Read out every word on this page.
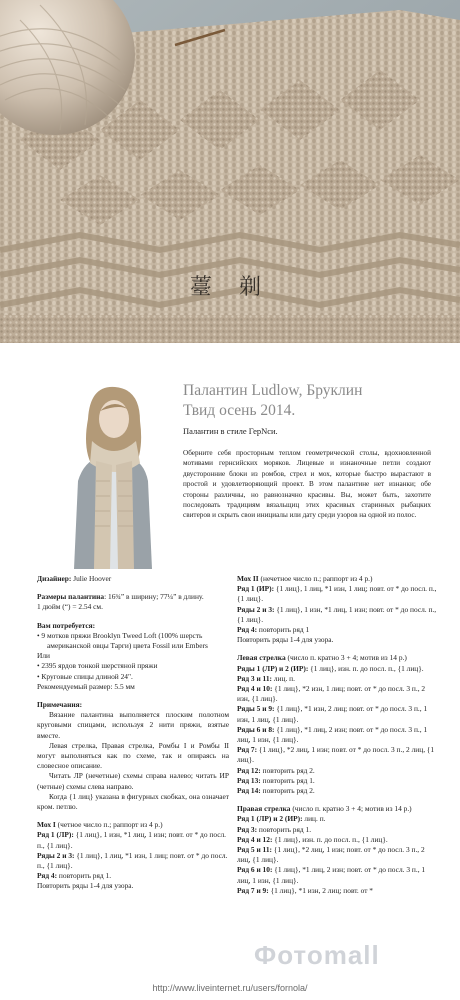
薹 剃
Палантин Ludlow, Бруклин
Твид осень 2014.
Палантин в стиле ГерNси.
Оберните себя просторным теплом геометрической столы, вдохновленной мотивами гернсийских моряков. Лицевые и изнаночные петли создают двусторонние блоки из ромбов, стрел и мох, которые быстро вырастают в простой и удовлетворяющий проект. В этом палантине нет изнанки; обе стороны различны, но равнозначно красивы. Вы, может быть, захотите последовать традициям вязальщиц этих красивых старинных рыбацких свитеров и скрыть свои инициалы или дату среди узоров на одной из полос.
Дизайнер: Julie Hoover
Размеры палантина: 16¾” в ширину; 77¼” в длину.
1 дюйм (“) = 2.54 см.
Вам потребуется:
• 9 мотков пряжи Brooklyn Tweed Loft (100% шерсть американской овцы Тарги) цвета Fossil или Embers
Или
• 2395 ярдов тонкой шерстяной пряжи
• Круговые спицы длиной 24".
Рекомендуемый размер: 5.5 мм
Примечания:
Вязание палантина выполняется плоским полотном круговыми спицами, используя 2 нити пряжи, взятые вместе.
Левая стрелка, Правая стрелка, Ромбы I и Ромбы II могут выполняться как по схеме, так и опираясь на словесное описание.
Читать ЛР (нечетные) схемы справа налево; читать ИР (четные) схемы слева направо.
Когда {1 лиц} указана в фигурных скобках, она означает кром. петлю.
Мох I (четное число п.; раппорт из 4 р.)
Ряд 1 (ЛР): {1 лиц}, 1 изн, *1 лиц, 1 изн; повт. от * до посл. п., {1 лиц}.
Ряды 2 и 3: {1 лиц}, 1 лиц, *1 изн, 1 лиц; повт. от * до посл. п., {1 лиц}.
Ряд 4: повторить ряд 1.
Повторить ряды 1-4 для узора.
Мох II (нечетное число п.; раппорт из 4 р.)
Ряд 1 (ИР): {1 лиц}, 1 лиц, *1 изн, 1 лиц; повт. от * до посл. п., {1 лиц}.
Ряды 2 и 3: {1 лиц}, 1 изн, *1 лиц, 1 изн; повт. от * до посл. п., {1 лиц}.
Ряд 4: повторить ряд 1
Повторить ряды 1-4 для узора.
Левая стрелка (число п. кратно 3 + 4; мотив из 14 р.)
Ряды 1 (ЛР) и 2 (ИР): {1 лиц}, изн. п. до посл. п., {1 лиц}.
Ряд 3 и 11: лиц. п.
Ряд 4 и 10: {1 лиц}, *2 изн, 1 лиц; повт. от * до посл. 3 п., 2 изн, {1 лиц}.
Ряды 5 и 9: {1 лиц}, *1 изн, 2 лиц; повт. от * до посл. 3 п., 1 изн, 1 лиц, {1 лиц}.
Ряды 6 и 8: {1 лиц}, *1 лиц, 2 изн; повт. от * до посл. 3 п., 1 лиц, 1 изн, {1 лиц}.
Ряд 7: {1 лиц}, *2 лиц, 1 изн; повт. от * до посл. 3 п., 2 лиц, {1 лиц}.
Ряд 12: повторить ряд 2.
Ряд 13: повторить ряд 1.
Ряд 14: повторить ряд 2.
Правая стрелка (число п. кратно 3 + 4; мотив из 14 р.)
Ряд 1 (ЛР) и 2 (ИР): лиц. п.
Ряд 3: повторить ряд 1.
Ряд 4 и 12: {1 лиц}, изн. п. до посл. п., {1 лиц}.
Ряд 5 и 11: {1 лиц}, *2 лиц, 1 изн; повт. от * до посл. 3 п., 2 лиц, {1 лиц}.
Ряд 6 и 10: {1 лиц}, *1 лиц, 2 изн; повт. от * до посл. 3 п., 1 лиц, 1 изн, {1 лиц}.
Ряд 7 и 9: {1 лиц}, *1 изн, 2 лиц; повт. от *
Фотоmall
http://www.liveinternet.ru/users/fornola/
